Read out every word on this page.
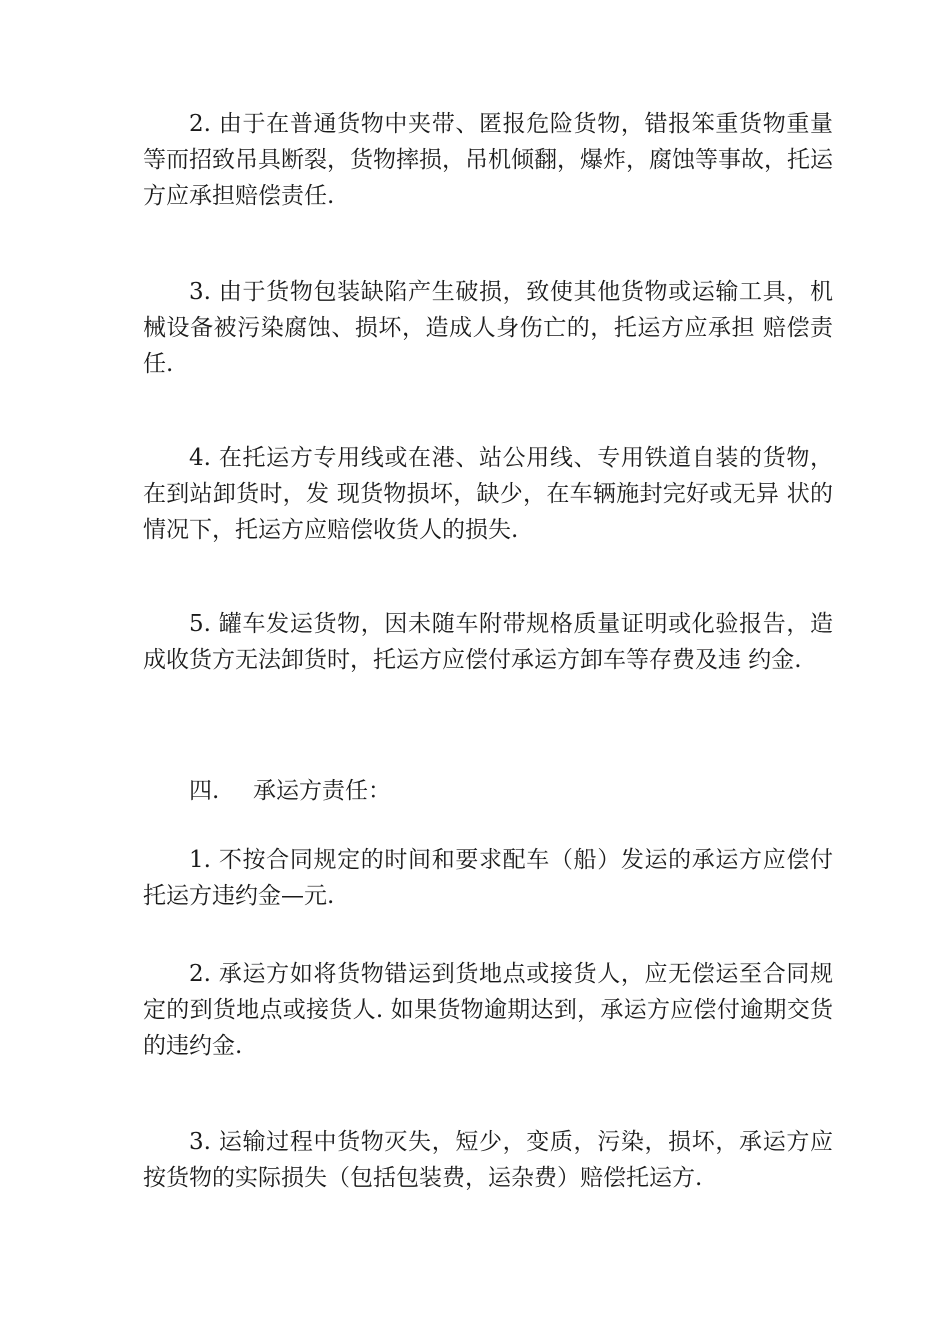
2. 由于在普通货物中夹带、匿报危险货物，错报笨重货物重量等而招致吊具断裂，货物摔损，吊机倾翻，爆炸，腐蚀等事故，托运方应承担赔偿责任.

3. 由于货物包装缺陷产生破损，致使其他货物或运输工具，机械设备被污染腐蚀、损坏，造成人身伤亡的，托运方应承担 赔偿责任.

4. 在托运方专用线或在港、站公用线、专用铁道自装的货物， 在到站卸货时，发 现货物损坏，缺少，在车辆施封完好或无异 状的情况下，托运方应赔偿收货人的损失.

5. 罐车发运货物，因未随车附带规格质量证明或化验报告，造成收货方无法卸货时，托运方应偿付承运方卸车等存费及违 约金.

四. 承运方责任：

1. 不按合同规定的时间和要求配车（船）发运的承运方应偿付托运方违约金—元.

2. 承运方如将货物错运到货地点或接货人，应无偿运至合同规定的到货地点或接货人. 如果货物逾期达到，承运方应偿付逾期交货的违约金.

3. 运输过程中货物灭失，短少，变质，污染，损坏，承运方应按货物的实际损失（包括包装费，运杂费）赔偿托运方.
